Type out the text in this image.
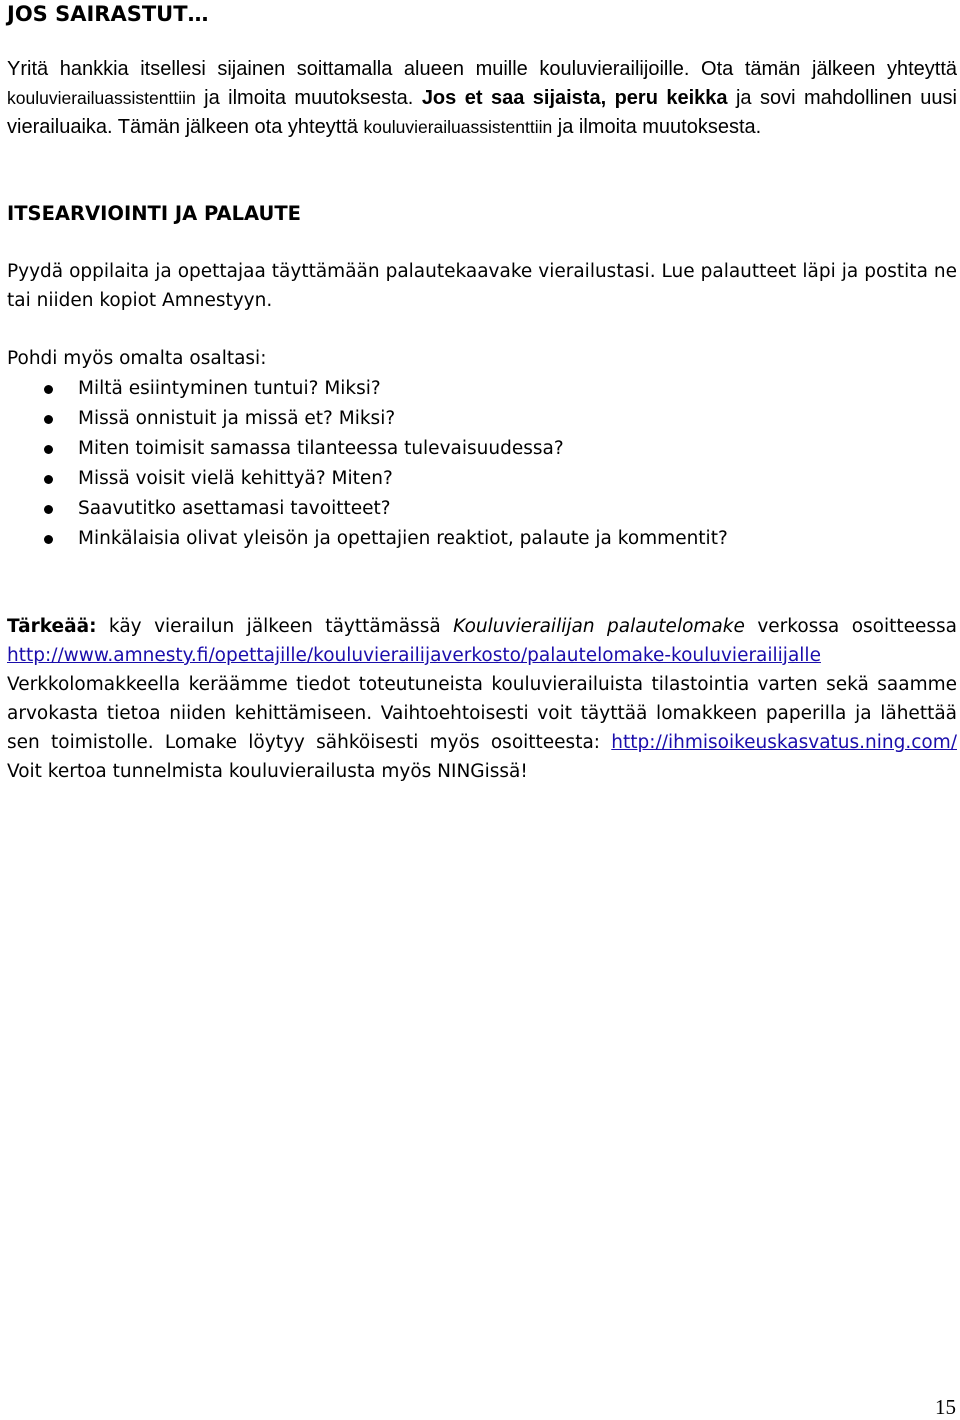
JOS SAIRASTUT…
Yritä hankkia itsellesi sijainen soittamalla alueen muille kouluvierailijoille. Ota tämän jälkeen yhteyttä kouluvierailuassistenttiin ja ilmoita muutoksesta. Jos et saa sijaista, peru keikka ja sovi mahdollinen uusi vierailuaika. Tämän jälkeen ota yhteyttä kouluvierailuassistenttiin ja ilmoita muutoksesta.
ITSEARVIOINTI JA PALAUTE
Pyydä oppilaita ja opettajaa täyttämään palautekaavake vierailustasi. Lue palautteet läpi ja postita ne tai niiden kopiot Amnestyyn.
Pohdi myös omalta osaltasi:
Miltä esiintyminen tuntui? Miksi?
Missä onnistuit ja missä et? Miksi?
Miten toimisit samassa tilanteessa tulevaisuudessa?
Missä voisit vielä kehittyä? Miten?
Saavutitko asettamasi tavoitteet?
Minkälaisia olivat yleisön ja opettajien reaktiot, palaute ja kommentit?
Tärkeää: käy vierailun jälkeen täyttämässä Kouluvierailijan palautelomake verkossa osoitteessa http://www.amnesty.fi/opettajille/kouluvierailijaverkosto/palautelomake-kouluvierailijalle Verkkolomakkeella keräämme tiedot toteutuneista kouluvierailuista tilastointia varten sekä saamme arvokasta tietoa niiden kehittämiseen. Vaihtoehtoisesti voit täyttää lomakkeen paperilla ja lähettää sen toimistolle. Lomake löytyy sähköisesti myös osoitteesta: http://ihmisoikeuskasvatus.ning.com/ Voit kertoa tunnelmista kouluvierailusta myös NINGissä!
15
